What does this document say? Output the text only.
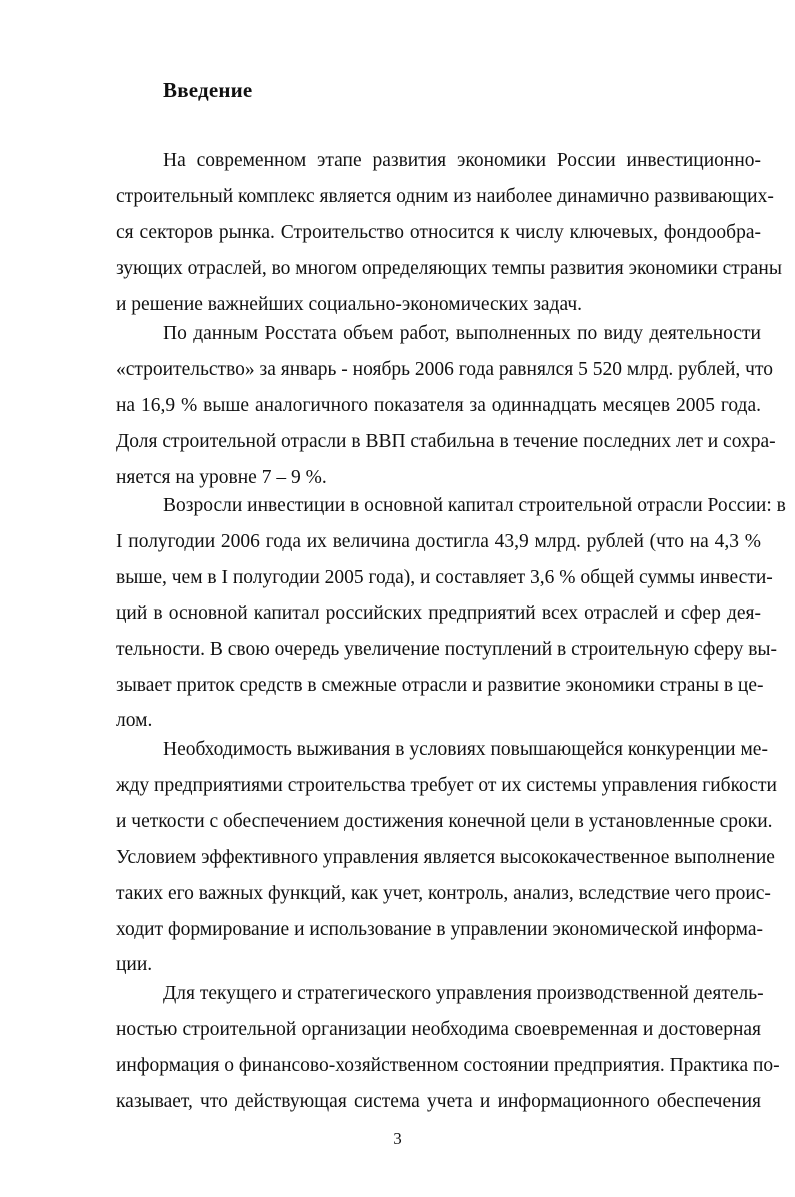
Введение

На современном этапе развития экономики России инвестиционно-
строительный комплекс является одним из наиболее динамично развивающих-
ся секторов рынка. Строительство относится к числу ключевых, фондообра-
зующих отраслей, во многом определяющих темпы развития экономики страны
и решение важнейших социально-экономических задач.

По данным Росстата объем работ, выполненных по виду деятельности
«строительство» за январь - ноябрь 2006 года равнялся 5 520 млрд. рублей, что
на 16,9 % выше аналогичного показателя за одиннадцать месяцев 2005 года.
Доля строительной отрасли в ВВП стабильна в течение последних лет и сохра-
няется на уровне 7 – 9 %.

Возросли инвестиции в основной капитал строительной отрасли России: в
I полугодии 2006 года их величина достигла 43,9 млрд. рублей (что на 4,3 %
выше, чем в I полугодии 2005 года), и составляет 3,6 % общей суммы инвести-
ций в основной капитал российских предприятий всех отраслей и сфер дея-
тельности. В свою очередь увеличение поступлений в строительную сферу вы-
зывает приток средств в смежные отрасли и развитие экономики страны в це-
лом.

Необходимость выживания в условиях повышающейся конкуренции ме-
жду предприятиями строительства требует от их системы управления гибкости
и четкости с обеспечением достижения конечной цели в установленные сроки.
Условием эффективного управления является высококачественное выполнение
таких его важных функций, как учет, контроль, анализ, вследствие чего проис-
ходит формирование и использование в управлении экономической информа-
ции.

Для текущего и стратегического управления производственной деятель-
ностью строительной организации необходима своевременная и достоверная
информация о финансово-хозяйственном состоянии предприятия. Практика по-
казывает, что действующая система учета и информационного обеспечения

3
